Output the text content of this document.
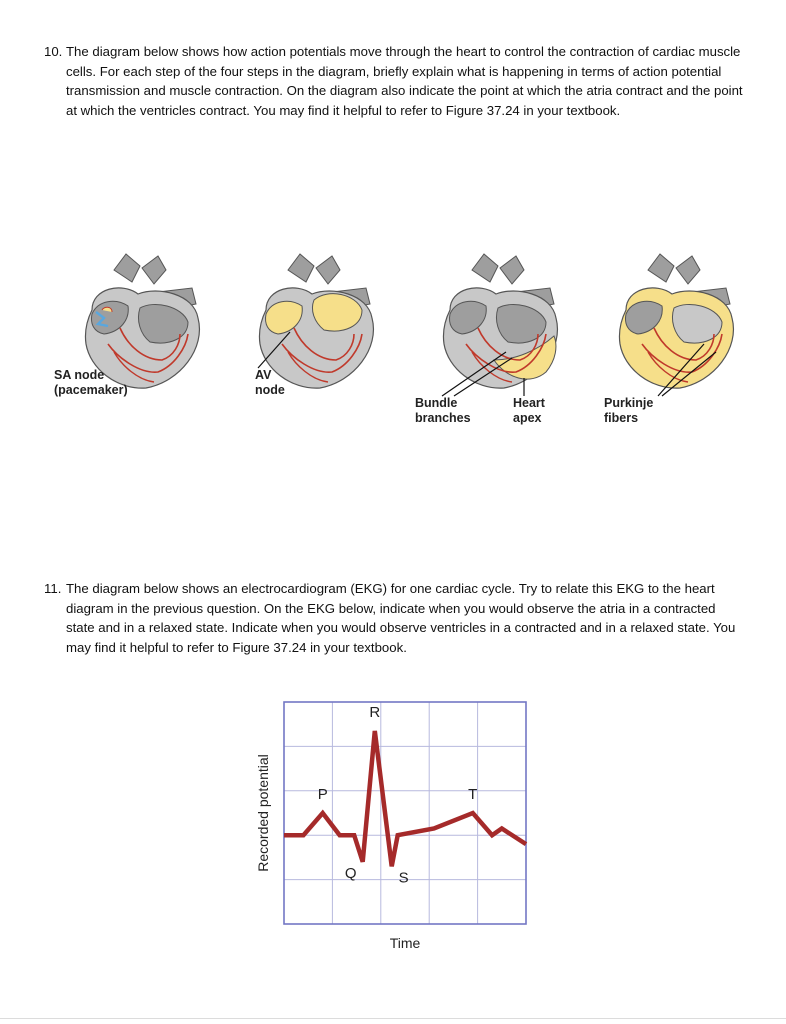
10. The diagram below shows how action potentials move through the heart to control the contraction of cardiac muscle cells. For each step of the four steps in the diagram, briefly explain what is happening in terms of action potential transmission and muscle contraction. On the diagram also indicate the point at which the atria contract and the point at which the ventricles contract. You may find it helpful to refer to Figure 37.24 in your textbook.
SA node
(pacemaker)
AV
node
Bundle
branches
Heart
apex
Purkinje
fibers
11. The diagram below shows an electrocardiogram (EKG) for one cardiac cycle. Try to relate this EKG to the heart diagram in the previous question. On the EKG below, indicate when you would observe the atria in a contracted state and in a relaxed state. Indicate when you would observe ventricles in a contracted and in a relaxed state. You may find it helpful to refer to Figure 37.24 in your textbook.
P
Q
R
S
T
Recorded potential
Time
